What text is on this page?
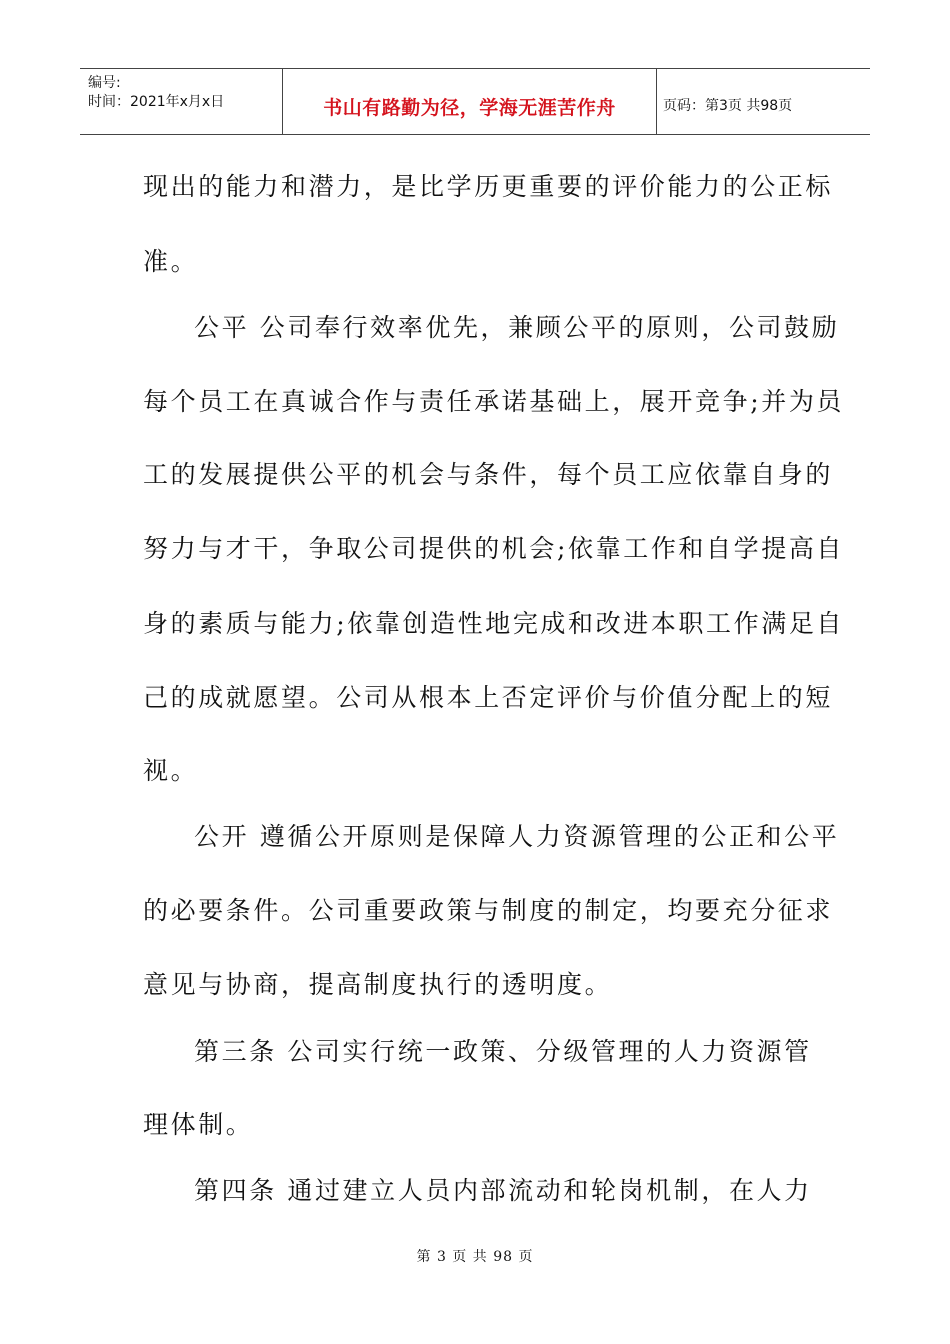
编号:
时间：2021年x月x日	书山有路勤为径，学海无涯苦作舟	页码：第3页 共98页
现出的能力和潜力，是比学历更重要的评价能力的公正标
准。
公平 公司奉行效率优先，兼顾公平的原则，公司鼓励
每个员工在真诚合作与责任承诺基础上，展开竞争;并为员
工的发展提供公平的机会与条件，每个员工应依靠自身的
努力与才干，争取公司提供的机会;依靠工作和自学提高自
身的素质与能力;依靠创造性地完成和改进本职工作满足自
己的成就愿望。公司从根本上否定评价与价值分配上的短
视。
公开 遵循公开原则是保障人力资源管理的公正和公平
的必要条件。公司重要政策与制度的制定，均要充分征求
意见与协商，提高制度执行的透明度。
第三条 公司实行统一政策、分级管理的人力资源管
理体制。
第四条 通过建立人员内部流动和轮岗机制，在人力
第 3 页 共 98 页
